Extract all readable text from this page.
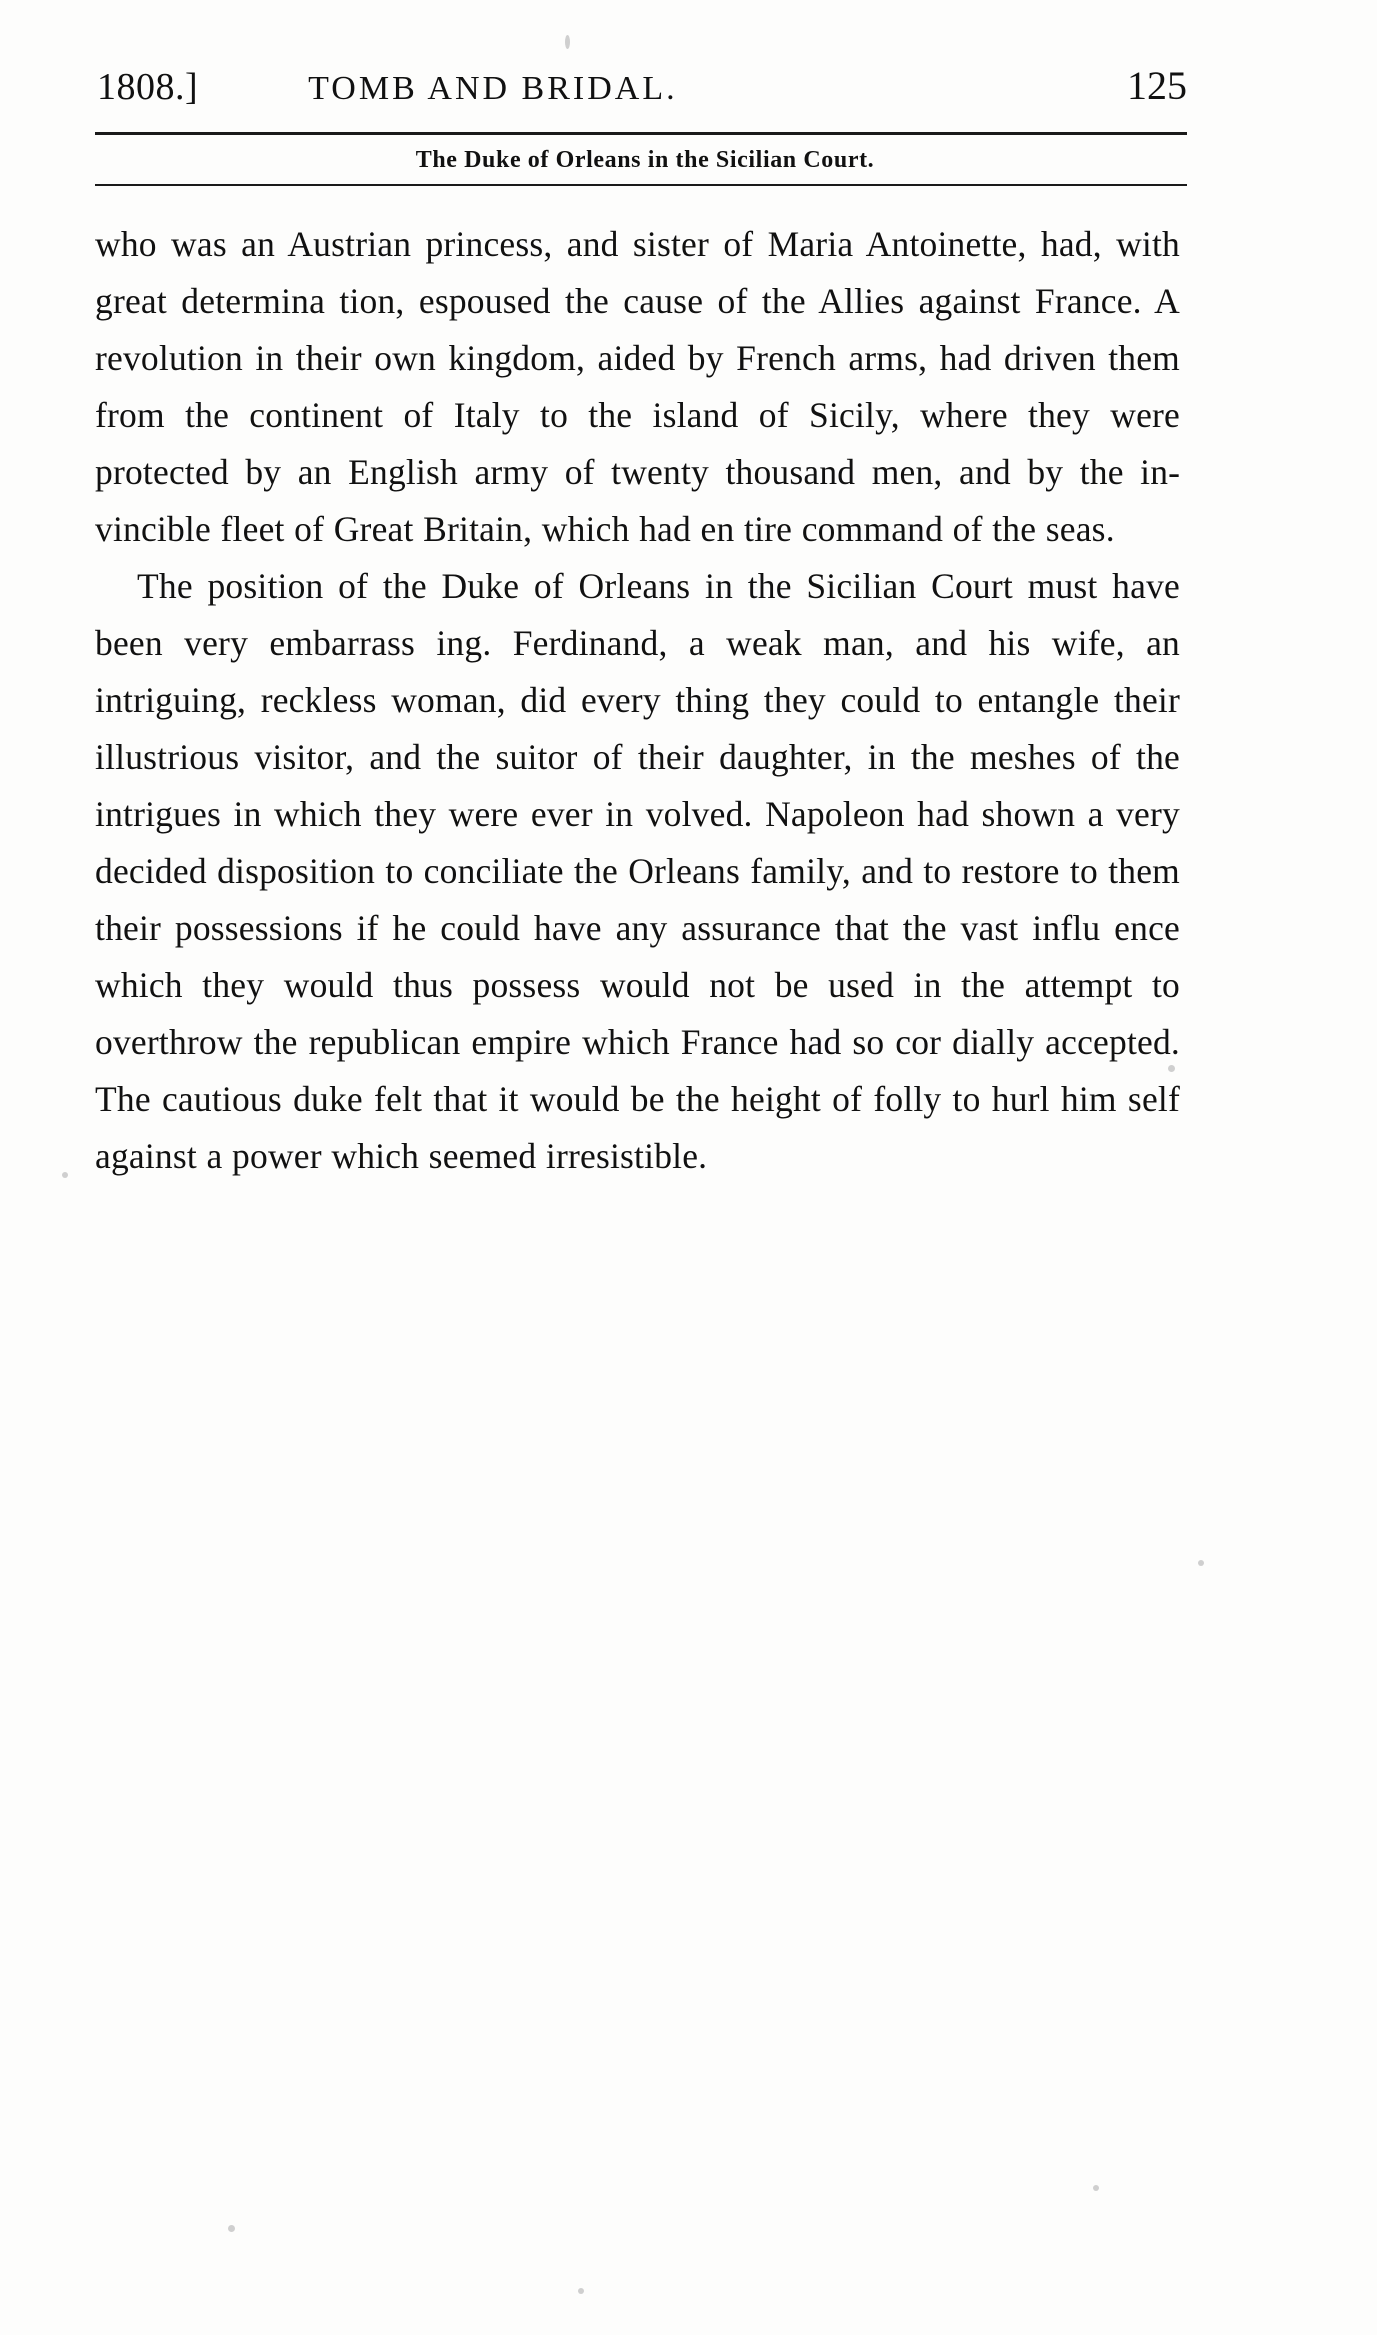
1808.]	TOMB AND BRIDAL.	125
The Duke of Orleans in the Sicilian Court.

who was an Austrian princess, and sister of Maria Antoinette, had, with great determina tion, espoused the cause of the Allies against France. A revolution in their own kingdom, aided by French arms, had driven them from the continent of Italy to the island of Sicily, where they were protected by an English army of twenty thousand men, and by the in vincible fleet of Great Britain, which had en tire command of the seas.

The position of the Duke of Orleans in the Sicilian Court must have been very embarrass ing. Ferdinand, a weak man, and his wife, an intriguing, reckless woman, did every thing they could to entangle their illustrious visitor, and the suitor of their daughter, in the meshes of the intrigues in which they were ever in volved. Napoleon had shown a very decided disposition to conciliate the Orleans family, and to restore to them their possessions if he could have any assurance that the vast influ ence which they would thus possess would not be used in the attempt to overthrow the republican empire which France had so cor dially accepted. The cautious duke felt that it would be the height of folly to hurl him self against a power which seemed irresistible.
